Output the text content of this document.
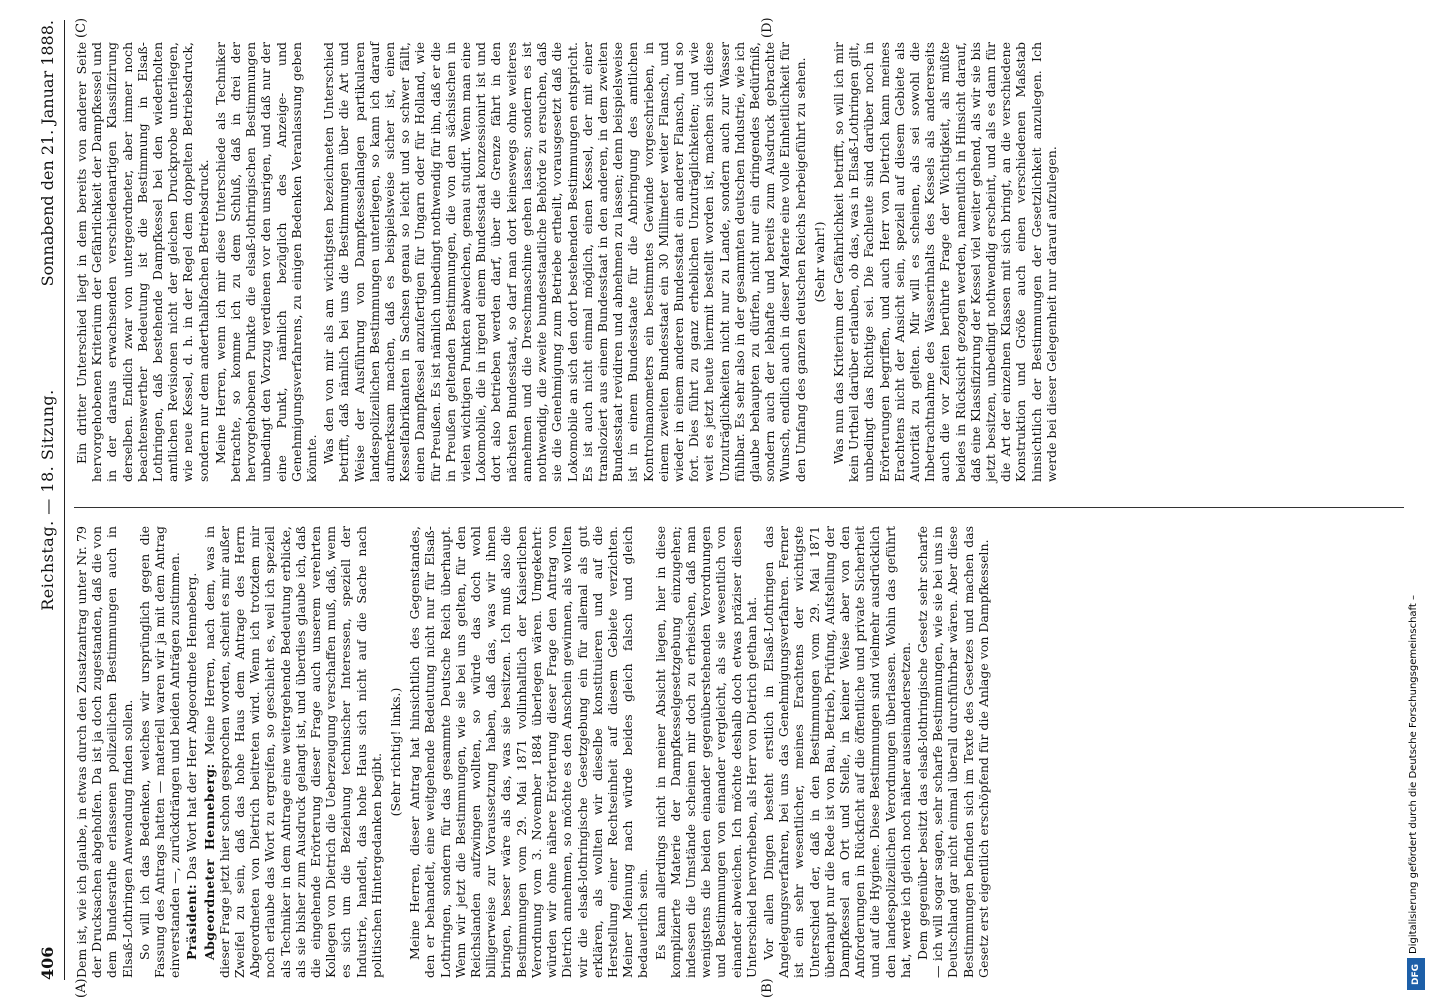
406
Reichstag. — 18. Sitzung.
Sonnabend den 21. Januar 1888.
(A)	(B)
(C)	(D)

Dem ist, wie ich glaube, in etwas durch den Zusatzantrag unter Nr. 79 der Drucksachen abgeholfen. Da ist ja doch zugestanden, daß die von dem Bundesrathe erlassenen polizeilichen Bestimmungen auch in Elsaß-Lothringen Anwendung finden sollen. So will ich das Bedenken, welches wir ursprünglich gegen die Fassung des Antrags hatten — materiell waren wir ja mit dem Antrag einverstanden —, zurückdrängen und beiden Anträgen zustimmen. Präsident: Das Wort hat der Herr Abgeordnete Henneberg. Abgeordneter Henneberg: Meine Herren, nach dem, was in dieser Frage jetzt hier schon gesprochen worden, scheint es mir außer Zweifel zu sein, daß das hohe Haus dem Antrage des Herrn Abgeordneten von Dietrich beitreten wird. Wenn ich trotzdem mir noch erlaube das Wort zu ergreifen, so geschieht es, weil ich speziell als Techniker in dem Antrage eine weitergehende Bedeutung erblicke, als sie bisher zum Ausdruck gelangt ist, und überdies glaube ich, daß die eingehende Erörterung dieser Frage auch unserem verehrten Kollegen von Dietrich die Ueberzeugung verschaffen muß, daß, wenn es sich um die Beziehung technischer Interessen, speziell der Industrie, handelt, das hohe Haus sich nicht auf die Sache nach politischen Hintergedanken begibt.

(Sehr richtig! links.) Meine Herren, dieser Antrag hat hinsichtlich des Gegenstandes, den er behandelt, eine weitgehende Bedeutung nicht nur für Elsaß-Lothringen, sondern für das gesammte Deutsche Reich überhaupt. Wenn wir jetzt die Bestimmungen, wie sie bei uns gelten, für den Reichslanden aufzwingen wollten, so würde das doch wohl billigerweise zur Voraussetzung haben, daß das, was wir ihnen bringen, besser wäre als das, was sie besitzen. Ich muß also die Bestimmungen vom 29. Mai 1871 vollinhaltlich der Kaiserlichen Verordnung vom 3. November 1884 überlegen wären. Umgekehrt: würden wir ohne nähere Erörterung dieser Frage den Antrag von Dietrich annehmen, so möchte es den Anschein gewinnen, als wollten wir die elsaß-lothringische Gesetzgebung ein für allemal als gut erklären, als wollten wir dieselbe konstituieren und auf die Herstellung einer Rechtseinheit auf diesem Gebiete verzichten. Meiner Meinung nach würde beides gleich falsch und gleich bedauerlich sein. Es kann allerdings nicht in meiner Absicht liegen, hier in diese komplizierte Materie der Dampfkesselgesetzgebung einzugehen; indessen die Umstände scheinen mir doch zu erheischen, daß man wenigstens die beiden einander gegenüberstehenden Verordnungen und Bestimmungen von einander vergleicht, als sie wesentlich von einander abweichen. Ich möchte deshalb doch etwas präziser diesen Unterschied hervorheben, als Herr von Dietrich gethan hat. Vor allen Dingen besteht erstlich in Elsaß-Lothringen das Angelegungsverfahren, bei uns das Genehmigungsverfahren. Ferner ist ein sehr wesentlicher, meines Erachtens der wichtigste Unterschied der, daß in den Bestimmungen vom 29. Mai 1871 überhaupt nur die Rede ist von Bau, Betrieb, Prüfung, Aufstellung der Dampfkessel an Ort und Stelle, in keiner Weise aber von den Anforderungen in Rückficht auf die öffentliche und private Sicherheit und auf die Hygiene. Diese Bestimmungen sind vielmehr ausdrücklich den landespolizeilichen Verordnungen überlassen. Wohin das geführt hat, werde ich gleich noch näher auseinandersetzen. Dem gegenüber besitzt das elsaß-lothringische Gesetz sehr scharfe — ich will sogar sagen, sehr scharfe Bestimmungen, wie sie bei uns in Deutschland gar nicht einmal überall durchführbar wären. Aber diese Bestimmungen befinden sich im Texte des Gesetzes und machen das Gesetz erst eigentlich erschöpfend für die Anlage von Dampfkesseln.

Ein dritter Unterschied liegt in dem bereits von anderer Seite hervorgehobenen Kriterium der Gefährlichkeit der Dampfkessel und in der daraus erwachsenden verschiedenartigen Klassifizirung derselben. Endlich zwar von untergeordneter, aber immer noch beachtenswerther Bedeutung ist die Bestimmung in Elsaß-Lothringen, daß bestehende Dampfkessel bei den wiederholten amtlichen Revisionen nicht der gleichen Druckprobe unterliegen, wie neue Kessel, d. h. in der Regel dem doppelten Betriebsdruck, sondern nur dem anderthalbfachen Betriebsdruck. Meine Herren, wenn ich mir diese Unterschiede als Techniker betrachte, so komme ich zu dem Schluß, daß in drei der hervorgehobenen Punkte die elsaß-lothringischen Bestimmungen unbedingt den Vorzug verdienen vor den unsrigen, und daß nur der eine Punkt, nämlich bezüglich des Anzeige- und Genehmigungsverfahrens, zu einigen Bedenken Veranlassung geben könnte. Was den von mir als am wichtigsten bezeichneten Unterschied betrifft, daß nämlich bei uns die Bestimmungen über die Art und Weise der Ausführung von Dampfkesselanlagen partikularen landespolizeilichen Bestimmungen unterliegen, so kann ich darauf aufmerksam machen, daß es beispielsweise sicher ist, einen Kesselfabrikanten in Sachsen genau so leicht und so schwer fällt, einen Dampfkessel anzufertigen für Ungarn oder für Holland, wie für Preußen. Es ist nämlich unbedingt nothwendig für ihn, daß er die in Preußen geltenden Bestimmungen, die von den sächsischen in vielen wichtigen Punkten abweichen, genau studirt. Wenn man eine Lokomobile, die in irgend einem Bundesstaat konzessionirt ist und dort also betrieben werden darf, über die Grenze fährt in den nächsten Bundesstaat, so darf man dort keineswegs ohne weiteres annehmen und die Dreschmaschine gehen lassen; sondern es ist nothwendig, die zweite bundesstaatliche Behörde zu ersuchen, daß sie die Genehmigung zum Betriebe ertheilt, vorausgesetzt daß die Lokomobile an sich den dort bestehenden Bestimmungen entspricht. Es ist auch nicht einmal möglich, einen Kessel, der mit einer transloziert aus einem Bundesstaat in den anderen, in dem zweiten Bundesstaat revidiren und abnehmen zu lassen; denn beispielsweise ist in einem Bundesstaate für die Anbringung des amtlichen Kontrolmanometers ein bestimmtes Gewinde vorgeschrieben, in einem zweiten Bundesstaat ein 30 Millimeter weiter Flansch, und wieder in einem anderen Bundesstaat ein anderer Flansch, und so fort. Dies führt zu ganz erheblichen Unzuträglichkeiten; und wie weit es jetzt heute hiermit bestellt worden ist, machen sich diese Unzuträglichkeiten nicht nur zu Lande, sondern auch zur Wasser fühlbar. Es sehr also in der gesammten deutschen Industrie, wie ich glaube behaupten zu dürfen, nicht nur ein dringendes Bedürfniß, sondern auch der lebhafte und bereits zum Ausdruck gebrachte Wunsch, endlich auch in dieser Materie eine volle Einheitlichkeit für den Umfang des ganzen deutschen Reichs herbeigeführt zu sehen. (Sehr wahr!) Was nun das Kriterium der Gefährlichkeit betrifft, so will ich mir kein Urtheil darüber erlauben, ob das, was in Elsaß-Lothringen gilt, unbedingt das Richtige sei. Die Fachleute sind darüber noch in Erörterungen begriffen, und auch Herr von Dietrich kann meines Erachtens nicht der Ansicht sein, speziell auf diesem Gebiete als Autorität zu gelten. Mir will es scheinen, als sei sowohl die Inbetrachtnahme des Wasserinhalts des Kessels als andererseits auch die vor Zeiten berührte Frage der Wichtigkeit, als müßte beides in Rücksicht gezogen werden, namentlich in Hinsicht darauf, daß eine Klassifizirung der Kessel viel weiter gehend, als wir sie bis jetzt besitzen, unbedingt nothwendig erscheint, und als es dann für die Art der einzelnen Klassen mit sich bringt, an die verschiedene Konstruktion und Größe auch einen verschiedenen Maßstab hinsichtlich der Bestimmungen der Gesetzlichkeit anzulegen. Ich werde bei dieser Gelegenheit nur darauf aufzulegen.

Digitalisierung gefördert durch die Deutsche Forschungsgemeinschaft –
DFG
